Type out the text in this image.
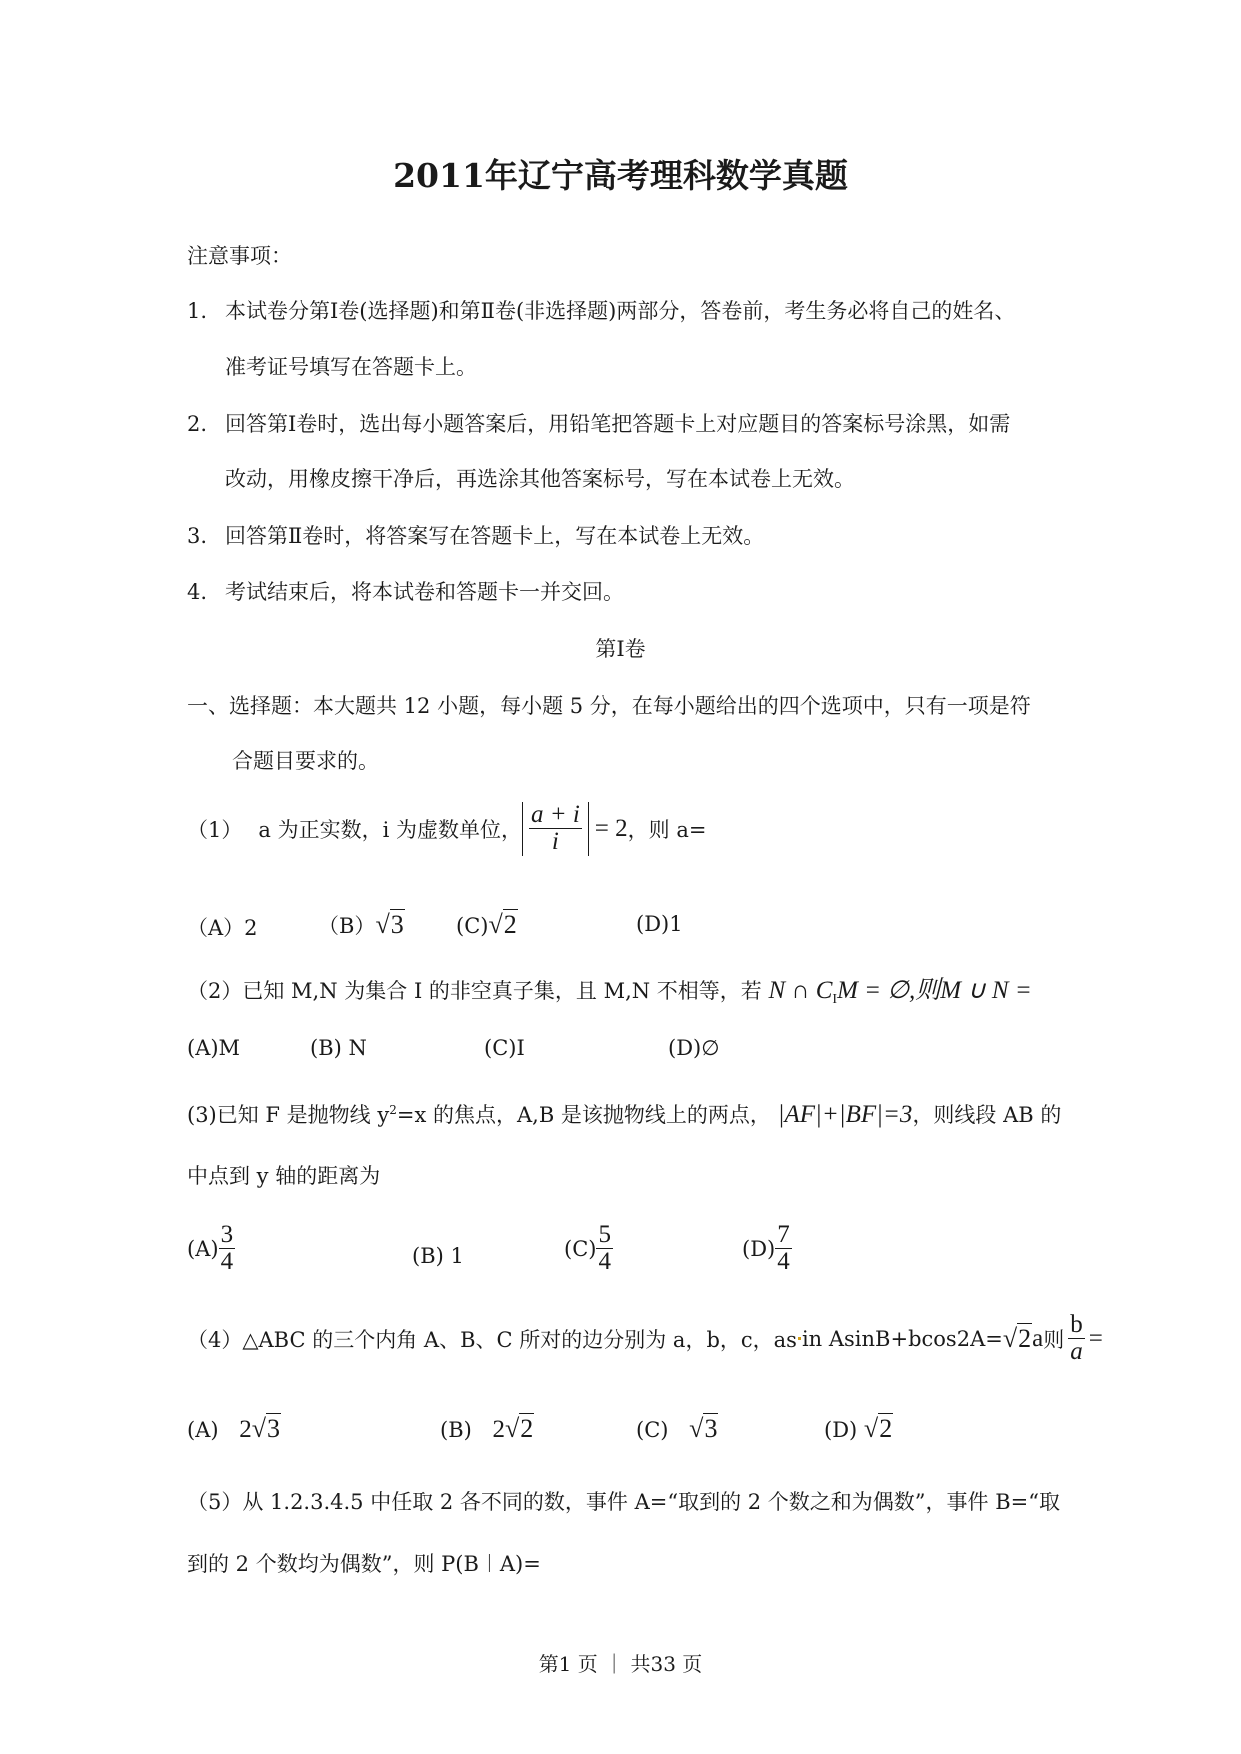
2011年辽宁高考理科数学真题
注意事项：
1. 本试卷分第Ⅰ卷(选择题)和第Ⅱ卷(非选择题)两部分，答卷前，考生务必将自己的姓名、
准考证号填写在答题卡上。
2. 回答第Ⅰ卷时，选出每小题答案后，用铅笔把答题卡上对应题目的答案标号涂黑，如需
改动，用橡皮擦干净后，再选涂其他答案标号，写在本试卷上无效。
3. 回答第Ⅱ卷时，将答案写在答题卡上，写在本试卷上无效。
4. 考试结束后，将本试卷和答题卡一并交回。
第Ⅰ卷
一、选择题：本大题共 12 小题，每小题 5 分，在每小题给出的四个选项中，只有一项是符
合题目要求的。
（1） a 为正实数，i 为虚数单位， $\frac{a + i}{i} = 2$ ，则 a=
（A）2	（B）√3 (C)√2	(D)1
（2）已知 M,N 为集合 I 的非空真子集，且 M,N 不相等，若 N ∩ $C_IM$ = ∅,则M ∪ N =
(A)M	(B) N	(C)I	(D)∅
(3)已知 F 是抛物线 $y^2=x$ 的焦点，A,B 是该抛物线上的两点， |AF|+|BF|=3，则线段 AB 的
中点到 y 轴的距离为
$(A) \frac{3}{4}$	(B) 1	$(C) \frac{5}{4}$	$(D) \frac{7}{4}$
（4）△ABC 的三个内角 A、B、C 所对的边分别为 a，b，c，as in AsinB+bcos2A= √2 a 则 $\frac{b}{a}$ =
(A) 2√3	(B) 2√2	(C) √3	(D) √2
（5）从 1.2.3.4.5 中任取 2 各不同的数，事件 A=“取到的 2 个数之和为偶数”，事件 B=“取
到的 2 个数均为偶数”，则 P(B︱A)=
第1 页 ｜ 共33 页
